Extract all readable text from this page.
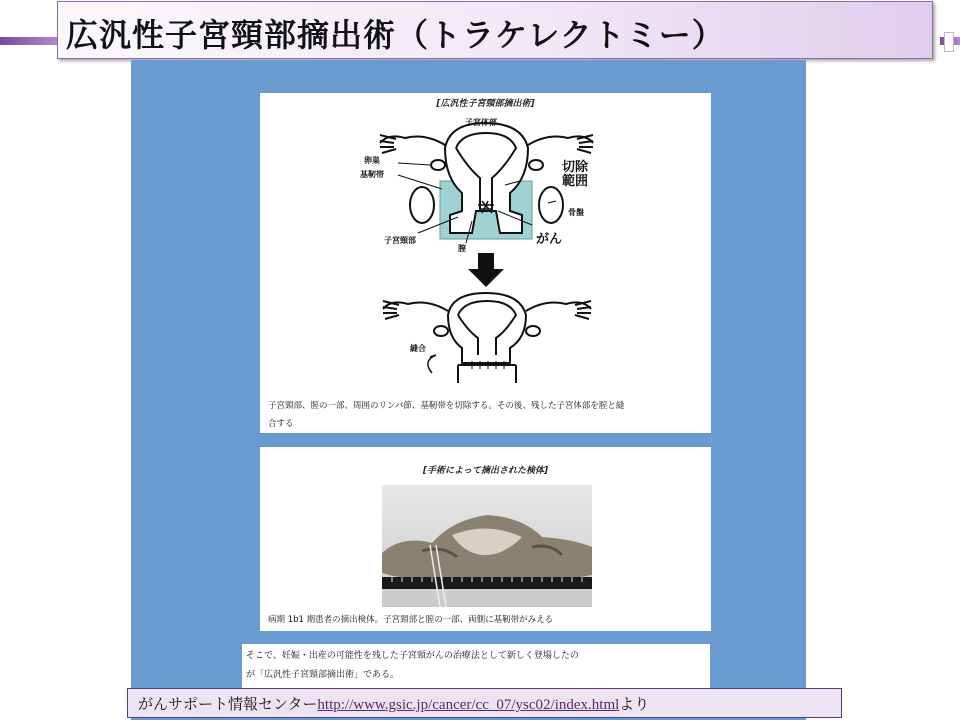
広汎性子宮頸部摘出術（トラケレクトミー）
[広汎性子宮頸部摘出術]
子宮体部
卵巣
基靭帯
子宮頸部
膣
切除
範囲
骨盤
がん
縫合
子宮頸部、膣の一部、周囲のリンパ節、基靭帯を切除する。その後、残した子宮体部を膣と縫
合する
[手術によって摘出された検体]
病期 1b1 期患者の摘出検体。子宮頸部と膣の一部、両側に基靭帯がみえる
そこで、妊娠・出産の可能性を残した子宮頸がんの治療法として新しく登場したの
が「広汎性子宮頸部摘出術」である。
がんサポート情報センターhttp://www.gsic.jp/cancer/cc_07/ysc02/index.htmlより
